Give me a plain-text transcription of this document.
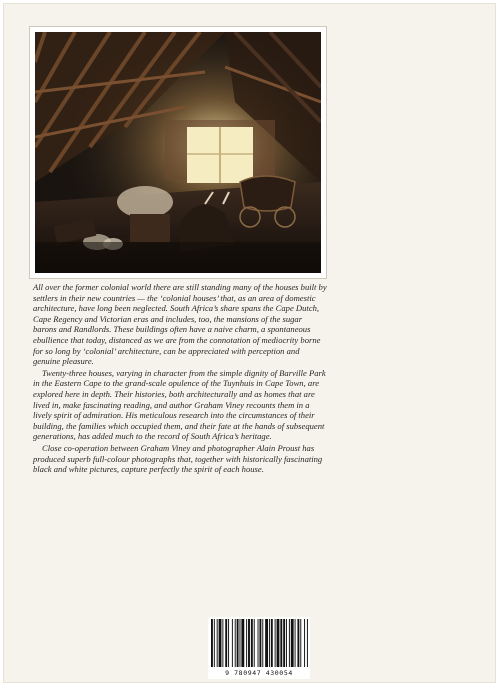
All over the former colonial world there are still standing many of the houses built by settlers in their new countries — the ‘colonial houses’ that, as an area of domestic architecture, have long been neglected. South Africa’s share spans the Cape Dutch, Cape Regency and Victorian eras and includes, too, the mansions of the sugar barons and Randlords. These buildings often have a naive charm, a spontaneous ebullience that today, distanced as we are from the connotation of mediocrity borne for so long by ‘colonial’ architecture, can be appreciated with perception and genuine pleasure.

Twenty-three houses, varying in character from the simple dignity of Barville Park in the Eastern Cape to the grand-scale opulence of the Tuynhuis in Cape Town, are explored here in depth. Their histories, both architecturally and as homes that are lived in, make fascinating reading, and author Graham Viney recounts them in a lively spirit of admiration. His meticulous research into the circumstances of their building, the families which occupied them, and their fate at the hands of subsequent generations, has added much to the record of South Africa’s heritage.

Close co-operation between Graham Viney and photographer Alain Proust has produced superb full-colour photographs that, together with historically fascinating black and white pictures, capture perfectly the spirit of each house.

9 780947 430054
